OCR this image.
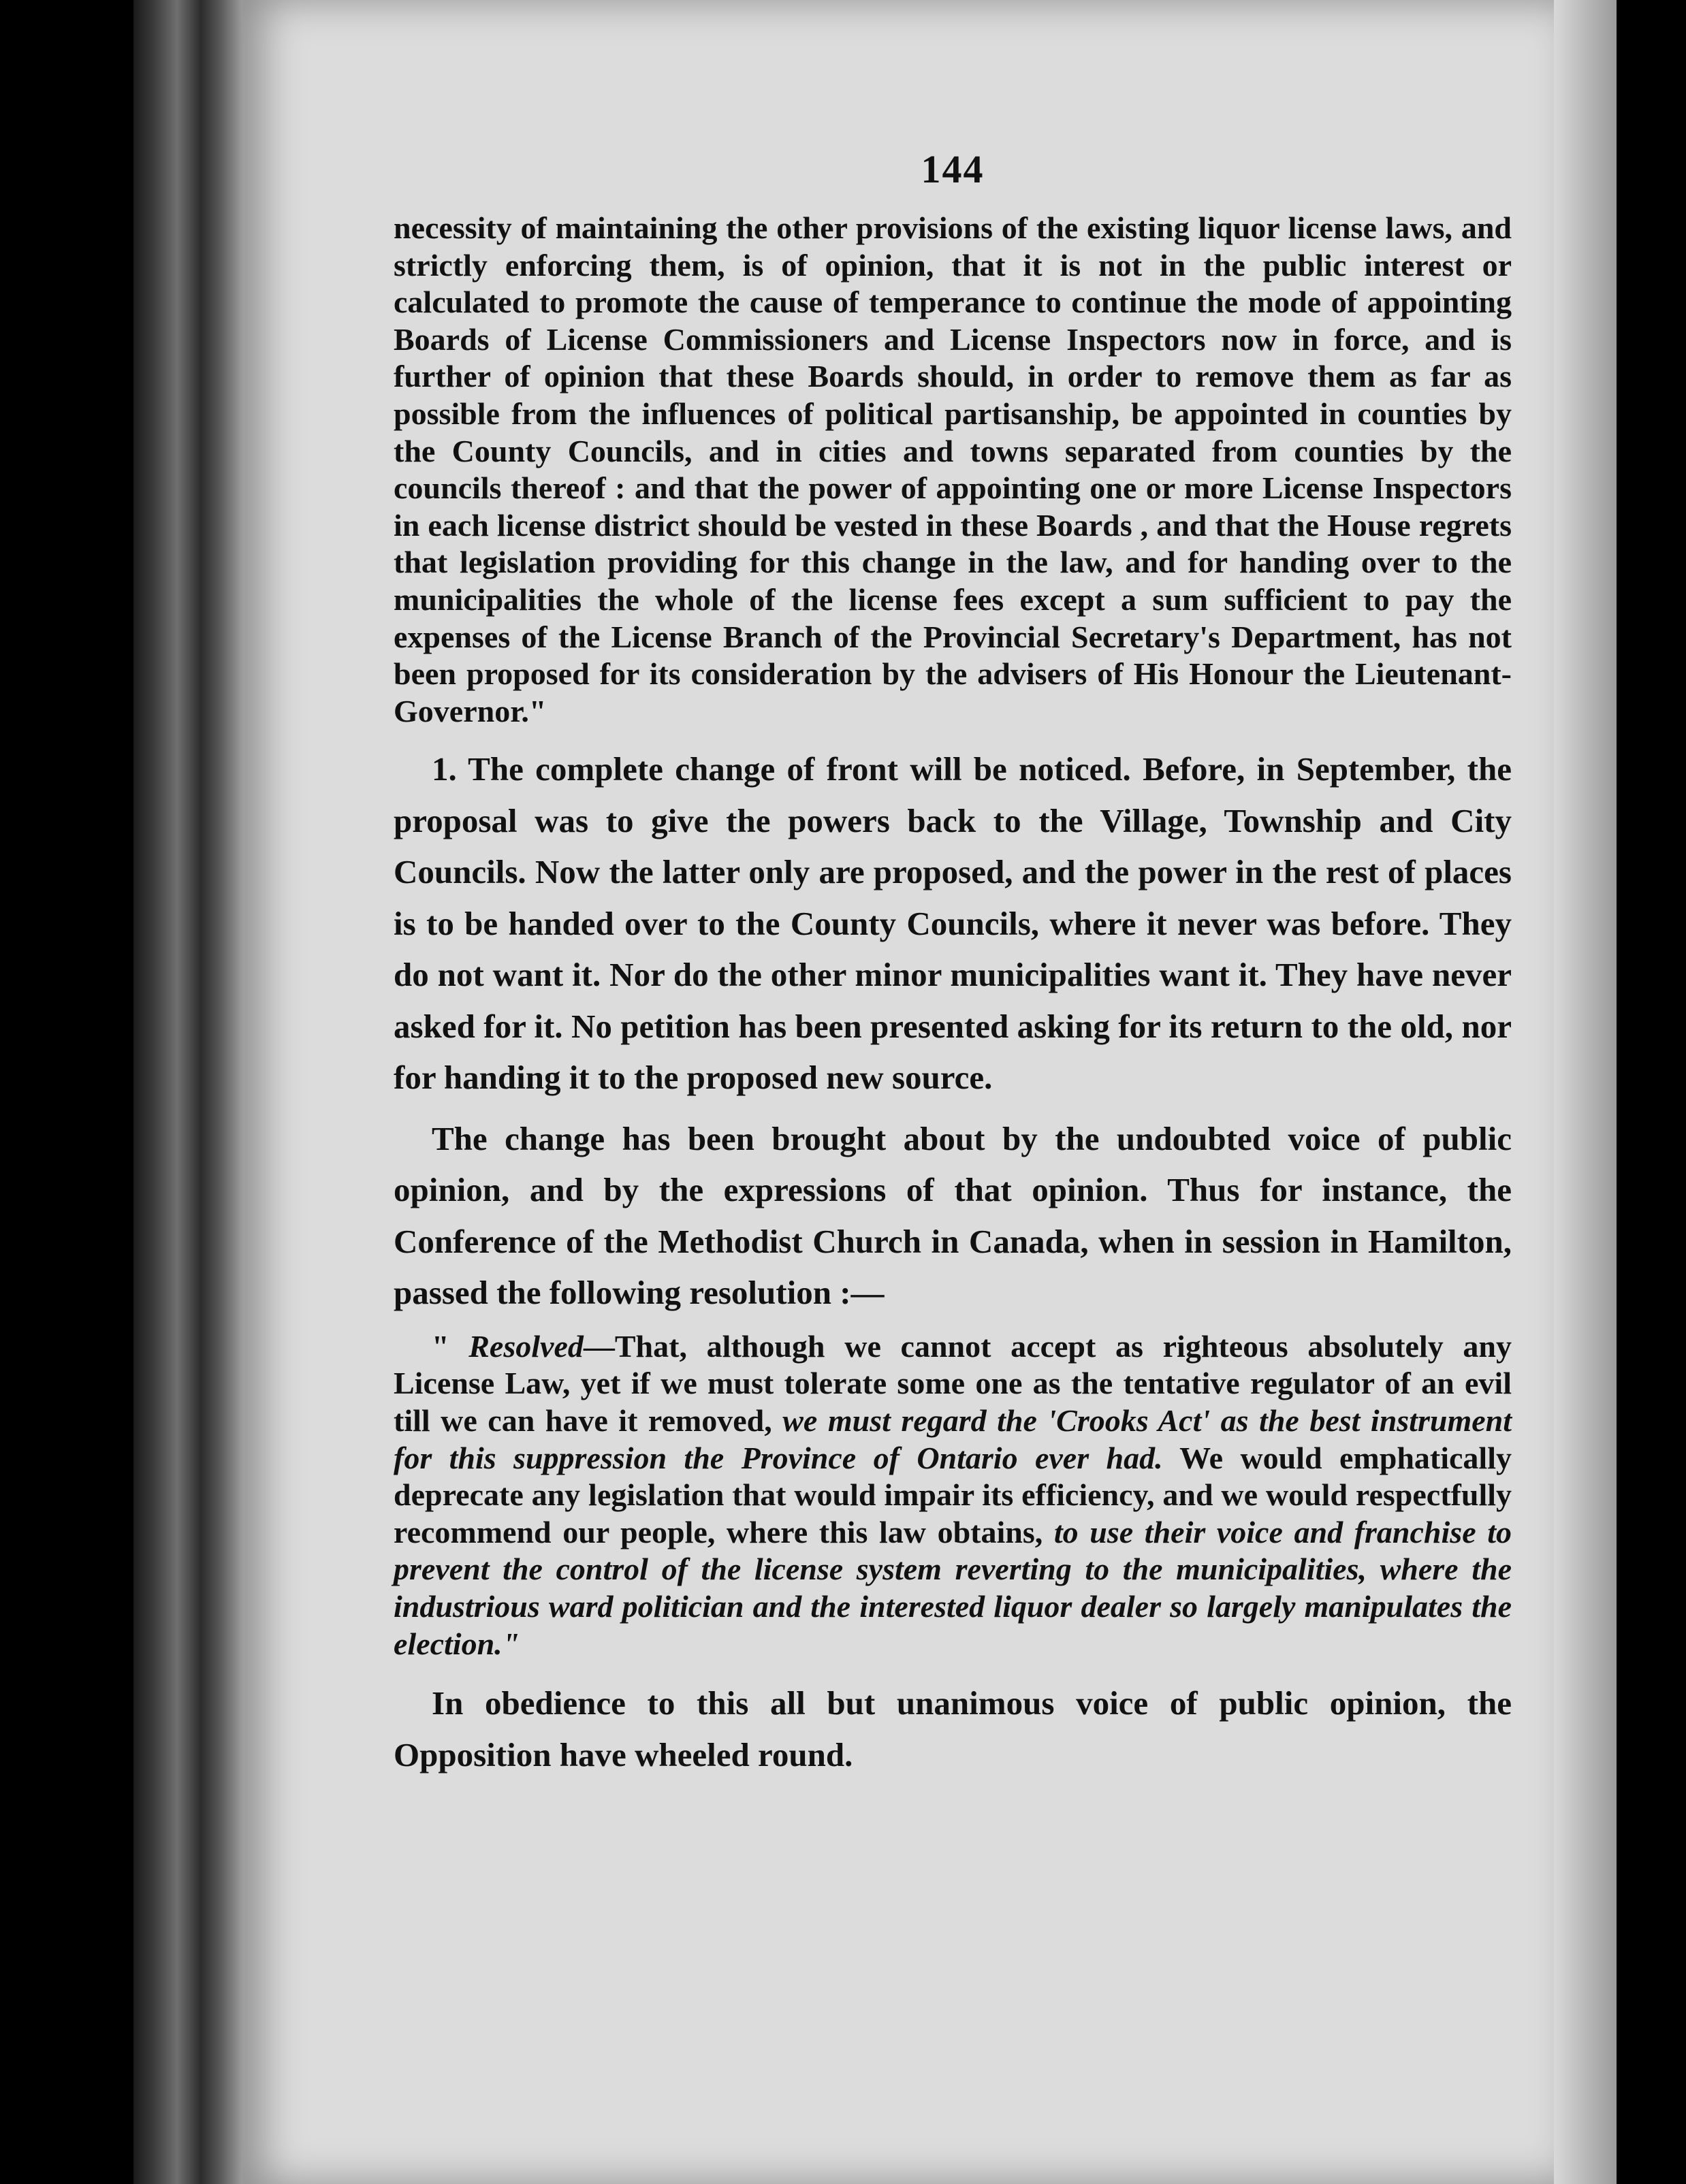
144

necessity of maintaining the other provisions of the existing liquor license laws, and strictly enforcing them, is of opinion, that it is not in the public interest or calculated to promote the cause of temperance to continue the mode of appointing Boards of License Commissioners and License Inspectors now in force, and is further of opinion that these Boards should, in order to remove them as far as possible from the influences of political partisanship, be appointed in counties by the County Councils, and in cities and towns separated from counties by the councils thereof : and that the power of appointing one or more License Inspectors in each license district should be vested in these Boards , and that the House regrets that legislation providing for this change in the law, and for handing over to the municipalities the whole of the license fees except a sum sufficient to pay the expenses of the License Branch of the Provincial Secretary's Department, has not been proposed for its consideration by the advisers of His Honour the Lieutenant-Governor."

1. The complete change of front will be noticed. Before, in September, the proposal was to give the powers back to the Village, Township and City Councils. Now the latter only are proposed, and the power in the rest of places is to be handed over to the County Councils, where it never was before. They do not want it. Nor do the other minor municipalities want it. They have never asked for it. No petition has been presented asking for its return to the old, nor for handing it to the proposed new source.

The change has been brought about by the undoubted voice of public opinion, and by the expressions of that opinion. Thus for instance, the Conference of the Methodist Church in Canada, when in session in Hamilton, passed the following resolution :—

" Resolved—That, although we cannot accept as righteous absolutely any License Law, yet if we must tolerate some one as the tentative regulator of an evil till we can have it removed, we must regard the 'Crooks Act' as the best instrument for this suppression the Province of Ontario ever had. We would emphatically deprecate any legislation that would impair its efficiency, and we would respectfully recommend our people, where this law obtains, to use their voice and franchise to prevent the control of the license system reverting to the municipalities, where the industrious ward politician and the interested liquor dealer so largely manipulates the election."

In obedience to this all but unanimous voice of public opinion, the Opposition have wheeled round.
